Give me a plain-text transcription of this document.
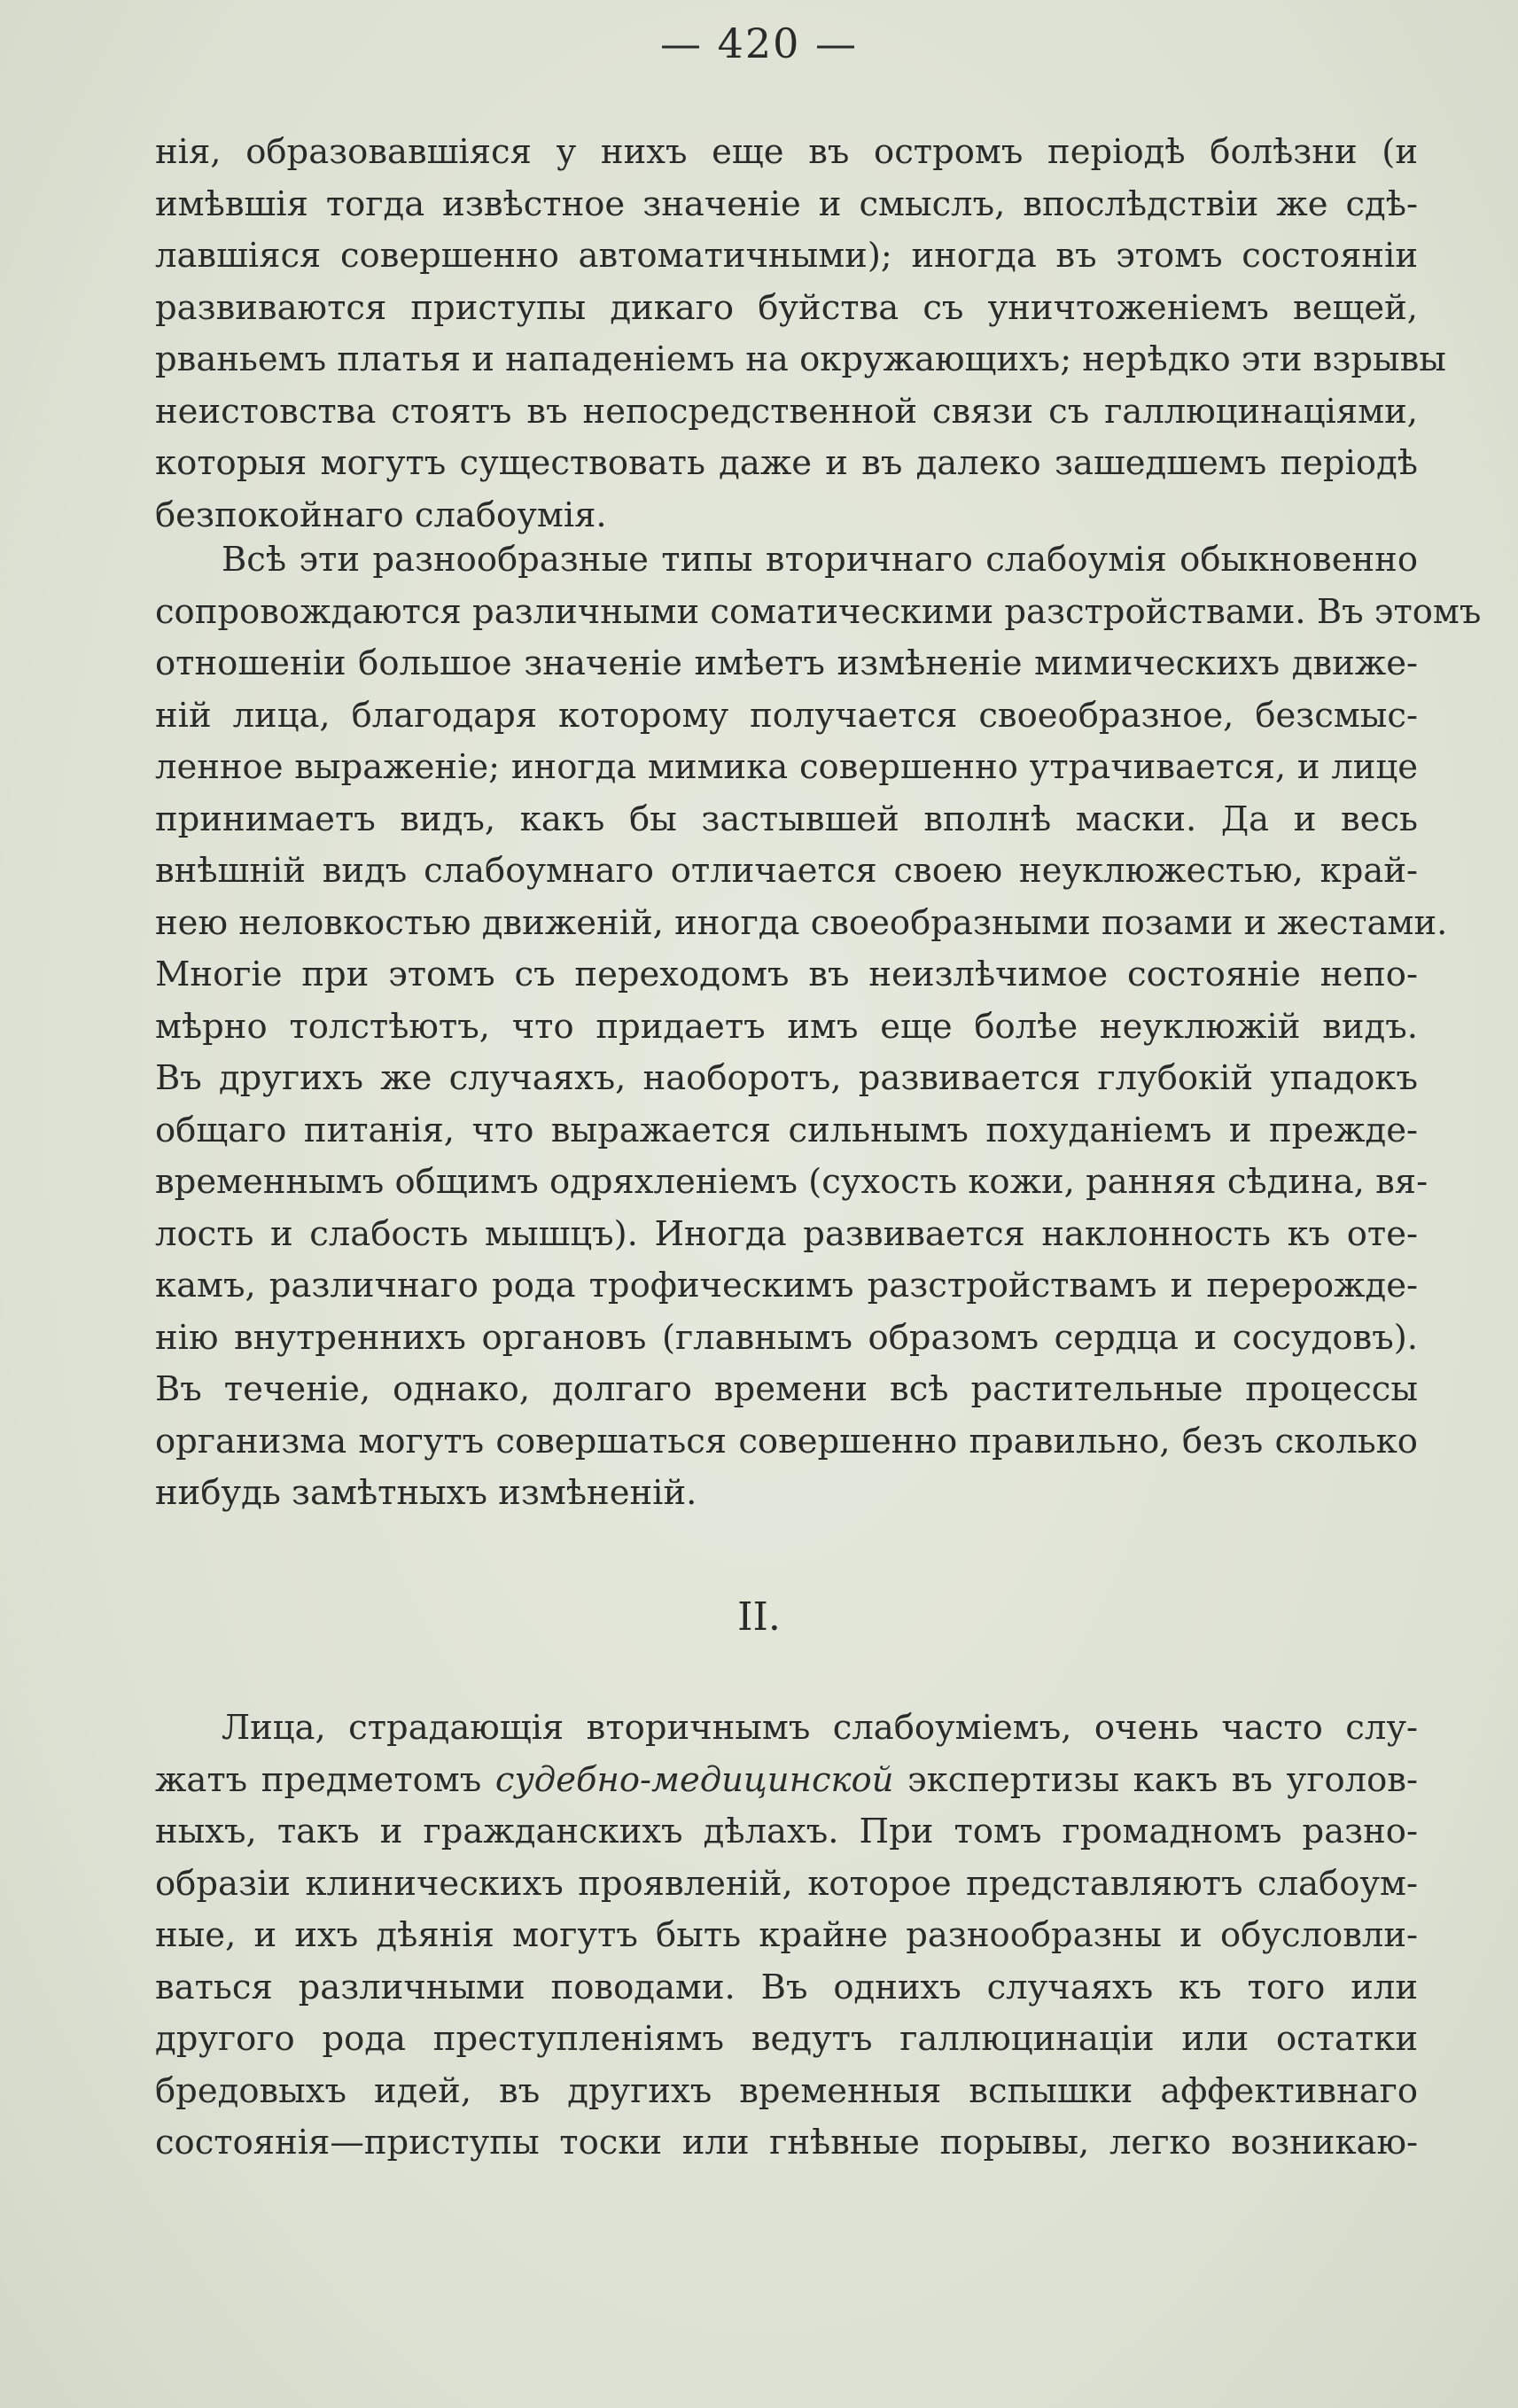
— 420 —
нія, образовавшіяся у нихъ еще въ остромъ періодѣ болѣзни (и
имѣвшія тогда извѣстное значеніе и смыслъ, впослѣдствіи же сдѣ-
лавшіяся совершенно автоматичными); иногда въ этомъ состояніи
развиваются приступы дикаго буйства съ уничтоженіемъ вещей,
рваньемъ платья и нападеніемъ на окружающихъ; нерѣдко эти взрывы
неистовства стоятъ въ непосредственной связи съ галлюцинаціями,
которыя могутъ существовать даже и въ далеко зашедшемъ періодѣ
безпокойнаго слабоумія.
Всѣ эти разнообразные типы вторичнаго слабоумія обыкновенно
сопровождаются различными соматическими разстройствами. Въ этомъ
отношеніи большое значеніе имѣетъ измѣненіе мимическихъ движе-
ній лица, благодаря которому получается своеобразное, безсмыс-
ленное выраженіе; иногда мимика совершенно утрачивается, и лице
принимаетъ видъ, какъ бы застывшей вполнѣ маски. Да и весь
внѣшній видъ слабоумнаго отличается своею неуклюжестью, край-
нею неловкостью движеній, иногда своеобразными позами и жестами.
Многіе при этомъ съ переходомъ въ неизлѣчимое состояніе непо-
мѣрно толстѣютъ, что придаетъ имъ еще болѣе неуклюжій видъ.
Въ другихъ же случаяхъ, наоборотъ, развивается глубокій упадокъ
общаго питанія, что выражается сильнымъ похуданіемъ и прежде-
временнымъ общимъ одряхленіемъ (сухость кожи, ранняя сѣдина, вя-
лость и слабость мышцъ). Иногда развивается наклонность къ оте-
камъ, различнаго рода трофическимъ разстройствамъ и перерожде-
нію внутреннихъ органовъ (главнымъ образомъ сердца и сосудовъ).
Въ теченіе, однако, долгаго времени всѣ растительные процессы
организма могутъ совершаться совершенно правильно, безъ сколько
нибудь замѣтныхъ измѣненій.
II.
Лица, страдающія вторичнымъ слабоуміемъ, очень часто слу-
жатъ предметомъ судебно-медицинской экспертизы какъ въ уголов-
ныхъ, такъ и гражданскихъ дѣлахъ. При томъ громадномъ разно-
образіи клиническихъ проявленій, которое представляютъ слабоум-
ные, и ихъ дѣянія могутъ быть крайне разнообразны и обусловли-
ваться различными поводами. Въ однихъ случаяхъ къ того или
другого рода преступленіямъ ведутъ галлюцинаціи или остатки
бредовыхъ идей, въ другихъ временныя вспышки аффективнаго
состоянія—приступы тоски или гнѣвные порывы, легко возникаю-
